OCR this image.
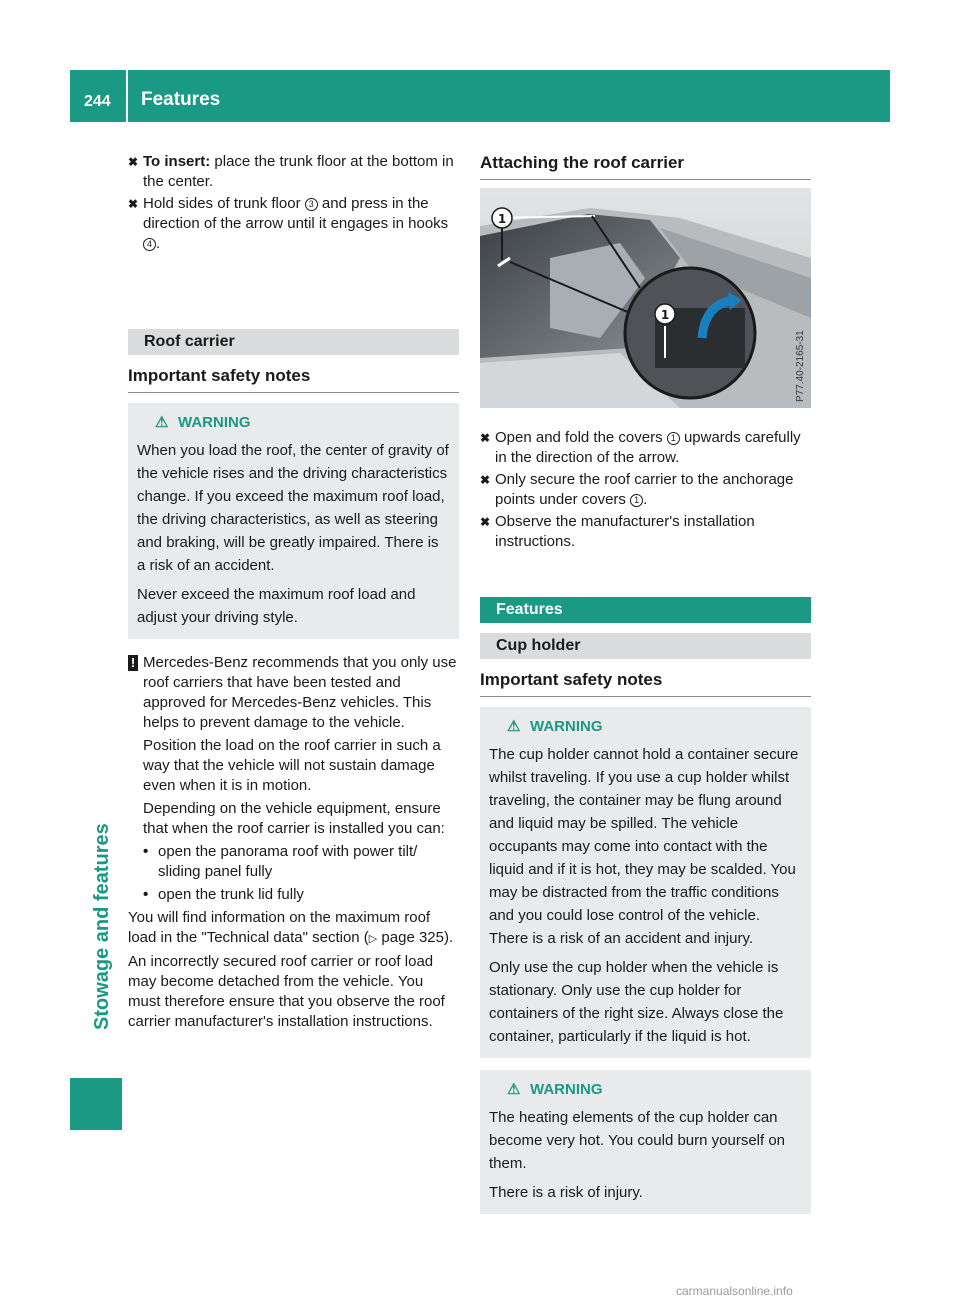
244 Features
Stowage and features
✖ To insert: place the trunk floor at the bottom in the center.
✖ Hold sides of trunk floor 3 and press in the direction of the arrow until it engages in hooks 4 .
Roof carrier
Important safety notes
⚠ WARNING

When you load the roof, the center of gravity of the vehicle rises and the driving characteristics change. If you exceed the maximum roof load, the driving characteristics, as well as steering and braking, will be greatly impaired. There is a risk of an accident.

Never exceed the maximum roof load and adjust your driving style.

! Mercedes-Benz recommends that you only use roof carriers that have been tested and approved for Mercedes-Benz vehicles. This helps to prevent damage to the vehicle.

Position the load on the roof carrier in such a way that the vehicle will not sustain damage even when it is in motion.

Depending on the vehicle equipment, ensure that when the roof carrier is installed you can:

• open the panorama roof with power tilt/ sliding panel fully
• open the trunk lid fully

You will find information on the maximum roof load in the "Technical data" section (▷ page 325).

An incorrectly secured roof carrier or roof load may become detached from the vehicle. You must therefore ensure that you observe the roof carrier manufacturer's installation instructions.

Attaching the roof carrier
1
1
P77.40-2165-31
✖ Open and fold the covers 1 upwards carefully in the direction of the arrow.
✖ Only secure the roof carrier to the anchorage points under covers 1 .
✖ Observe the manufacturer's installation instructions.
Features
Cup holder
Important safety notes
⚠ WARNING

The cup holder cannot hold a container secure whilst traveling. If you use a cup holder whilst traveling, the container may be flung around and liquid may be spilled. The vehicle occupants may come into contact with the liquid and if it is hot, they may be scalded. You may be distracted from the traffic conditions and you could lose control of the vehicle. There is a risk of an accident and injury.

Only use the cup holder when the vehicle is stationary. Only use the cup holder for containers of the right size. Always close the container, particularly if the liquid is hot.

⚠ WARNING

The heating elements of the cup holder can become very hot. You could burn yourself on them.

There is a risk of injury.

carmanualsonline.info
